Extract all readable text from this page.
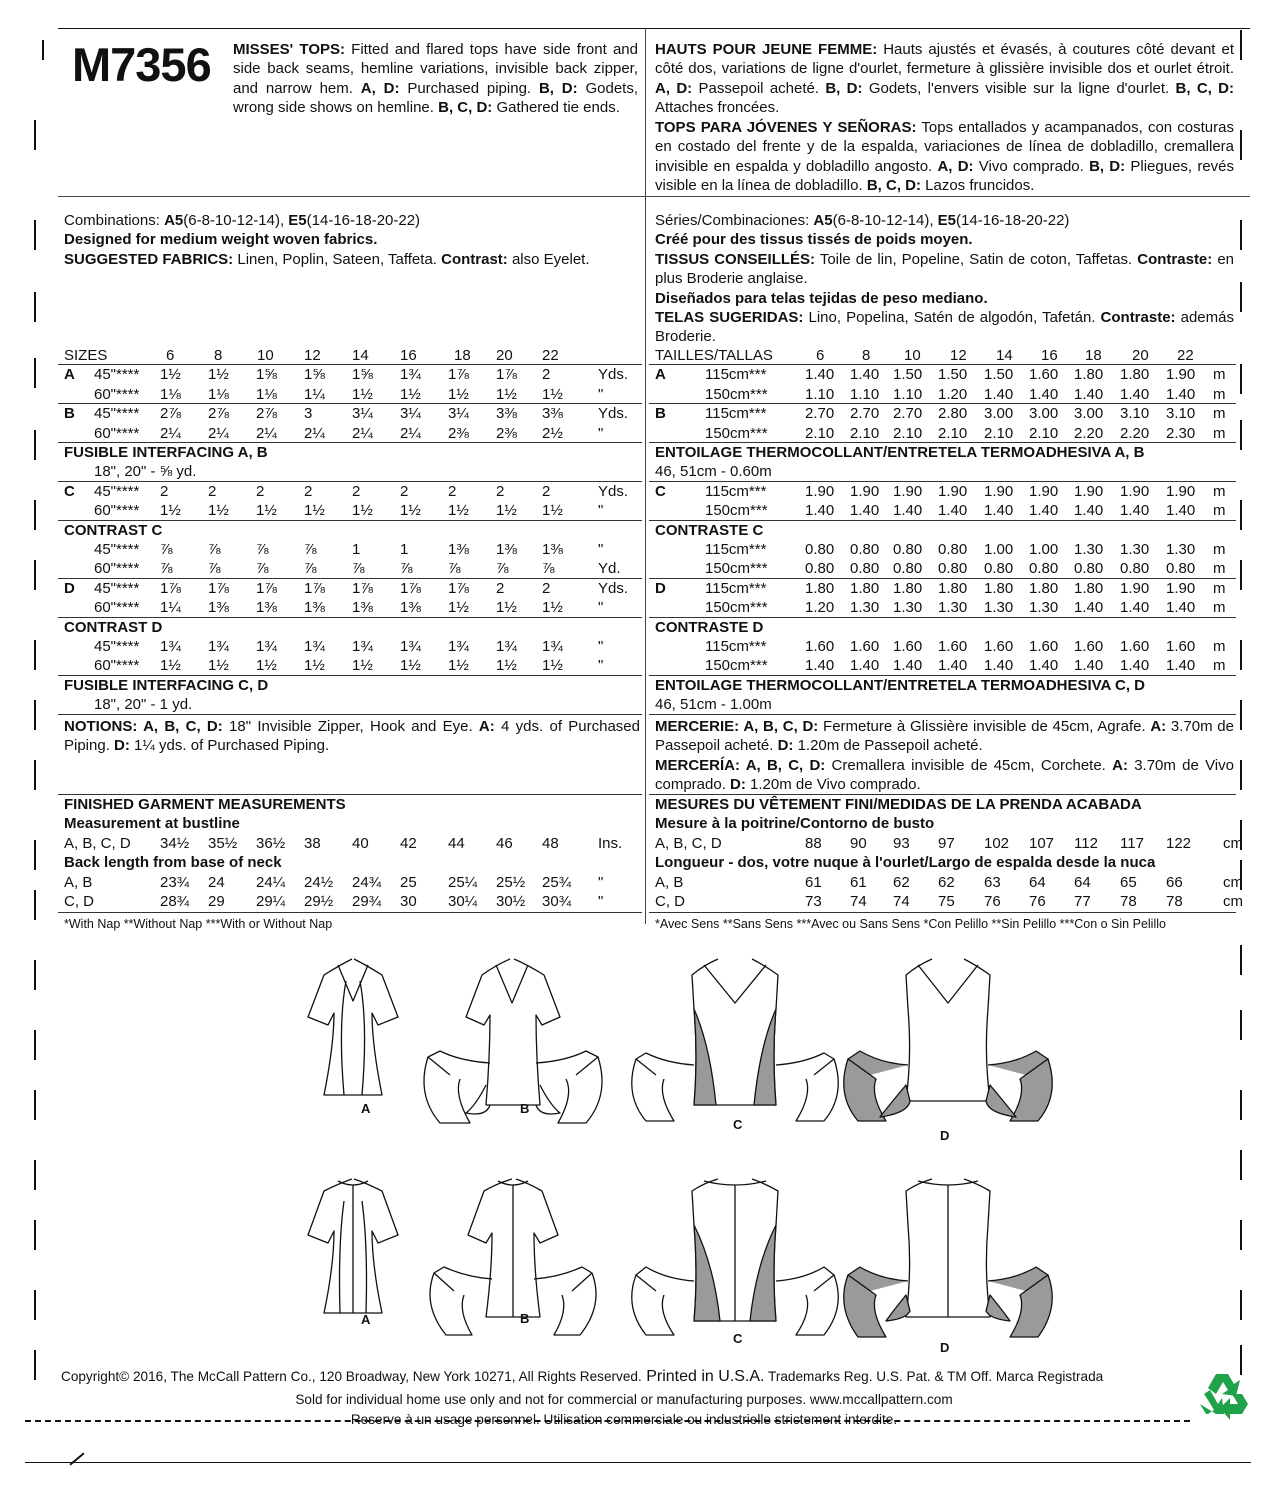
M7356 MISSES' TOPS: Fitted and flared tops have side front and side back seams, hemline variations, invisible back zipper, and narrow hem. A, D: Purchased piping. B, D: Godets, wrong side shows on hemline. B, C, D: Gathered tie ends.
HAUTS POUR JEUNE FEMME: Hauts ajustés et évasés, à coutures côté devant et côté dos, variations de ligne d'ourlet, fermeture à glissière invisible dos et ourlet étroit. A, D: Passepoil acheté. B, D: Godets, l'envers visible sur la ligne d'ourlet. B, C, D: Attaches froncées.
TOPS PARA JÓVENES Y SEÑORAS: Tops entallados y acampanados, con costuras en costado del frente y de la espalda, variaciones de línea de dobladillo, cremallera invisible en espalda y dobladillo angosto. A, D: Vivo comprado. B, D: Pliegues, revés visible en la línea de dobladillo. B, C, D: Lazos fruncidos.
Combinations: A5(6-8-10-12-14), E5(14-16-18-20-22)
Designed for medium weight woven fabrics.
SUGGESTED FABRICS: Linen, Poplin, Sateen, Taffeta. Contrast: also Eyelet.
Séries/Combinaciones: A5(6-8-10-12-14), E5(14-16-18-20-22)
Créé pour des tissus tissés de poids moyen.
TISSUS CONSEILLÉS: Toile de lin, Popeline, Satin de coton, Taffetas. Contraste: en plus Broderie anglaise.
Diseñados para telas tejidas de peso mediano.
TELAS SUGERIDAS: Lino, Popelina, Satén de algodón, Tafetán. Contraste: además Broderie.
SIZES	6	8 10 12 14 16 18 20 22
A 45"**** 1½ 1½ 1⅝ 1⅝ 1⅝ 1¾ 1⅞ 1⅞ 2	Yds.
60"**** 1⅛ 1⅛ 1⅛ 1¼ 1½ 1½ 1½ 1½ 1½ "
B 45"**** 2⅞ 2⅞ 2⅞ 3	3¼ 3¼ 3¼ 3⅜ 3⅜ Yds.
60"**** 2¼ 2¼ 2¼ 2¼ 2¼ 2¼ 2⅜ 2⅜ 2½ "
FUSIBLE INTERFACING A, B
18", 20" - ⅝ yd.
C 45"**** 2	2	2	2	2	2	2	2	2	Yds.
60"**** 1½ 1½ 1½ 1½ 1½ 1½ 1½ 1½ 1½ "
CONTRAST C
45"**** ⅞ ⅞ ⅞ ⅞ 1	1	1⅜ 1⅜ 1⅜ "
60"**** ⅞ ⅞ ⅞ ⅞ ⅞ ⅞ ⅞ ⅞ ⅞	Yd.
D 45"**** 1⅞ 1⅞ 1⅞ 1⅞ 1⅞ 1⅞ 1⅞ 2	2	Yds.
60"**** 1¼ 1⅜ 1⅜ 1⅜ 1⅜ 1⅜ 1½ 1½ 1½ "
CONTRAST D
45"**** 1¾ 1¾ 1¾ 1¾ 1¾ 1¾ 1¾ 1¾ 1¾ "
60"**** 1½ 1½ 1½ 1½ 1½ 1½ 1½ 1½ 1½ "
FUSIBLE INTERFACING C, D
18", 20" - 1 yd.
TAILLES/TALLAS	6	8 10 12 14 16 18 20 22
A	115cm***	1.40 1.40 1.50 1.50 1.50 1.60 1.80 1.80 1.90 m
150cm*** 1.10 1.10 1.10 1.20 1.40 1.40 1.40 1.40 1.40 m
B	115cm***	2.70 2.70 2.70 2.80 3.00 3.00 3.00 3.10 3.10 m
150cm*** 2.10 2.10 2.10 2.10 2.10 2.10 2.20 2.20 2.30 m
ENTOILAGE THERMOCOLLANT/ENTRETELA TERMOADHESIVA A, B
46, 51cm - 0.60m
C	115cm***	1.90 1.90 1.90 1.90 1.90 1.90 1.90 1.90 1.90 m
150cm*** 1.40 1.40 1.40 1.40 1.40 1.40 1.40 1.40 1.40 m
CONTRASTE C
115cm***	0.80 0.80 0.80 0.80 1.00 1.00 1.30 1.30 1.30 m
150cm*** 0.80 0.80 0.80 0.80 0.80 0.80 0.80 0.80 0.80 m
D	115cm***	1.80 1.80 1.80 1.80 1.80 1.80 1.80 1.90 1.90 m
150cm*** 1.20 1.30 1.30 1.30 1.30 1.30 1.40 1.40 1.40 m
CONTRASTE D
115cm***	1.60 1.60 1.60 1.60 1.60 1.60 1.60 1.60 1.60 m
150cm*** 1.40 1.40 1.40 1.40 1.40 1.40 1.40 1.40 1.40 m
ENTOILAGE THERMOCOLLANT/ENTRETELA TERMOADHESIVA C, D
46, 51cm - 1.00m
NOTIONS: A, B, C, D: 18" Invisible Zipper, Hook and Eye. A: 4 yds. of Purchased Piping. D: 1¼ yds. of Purchased Piping.
MERCERIE: A, B, C, D: Fermeture à Glissière invisible de 45cm, Agrafe. A: 3.70m de Passepoil acheté. D: 1.20m de Passepoil acheté.
MERCERÍA: A, B, C, D: Cremallera invisible de 45cm, Corchete. A: 3.70m de Vivo comprado. D: 1.20m de Vivo comprado.
FINISHED GARMENT MEASUREMENTS
Measurement at bustline
A, B, C, D 34½ 35½ 36½ 38 40 42 44 46 48	Ins.
Back length from base of neck
A, B	23¾ 24 24¼ 24½ 24¾ 25 25¼ 25½ 25¾ "
C, D	28¾ 29 29¼ 29½ 29¾ 30 30¼ 30½ 30¾ "
*With Nap **Without Nap ***With or Without Nap
MESURES DU VÊTEMENT FINI/MEDIDAS DE LA PRENDA ACABADA
Mesure à la poitrine/Contorno de busto
A, B, C, D	88 90 93 97 102 107 112 117 122 cm
Longueur - dos, votre nuque à l'ourlet/Largo de espalda desde la nuca
A, B	61 61 62 62 63 64 64 65 66	cm
C, D	73 74 74 75 76 76 77 78 78	cm
*Avec Sens **Sans Sens ***Avec ou Sans Sens *Con Pelillo **Sin Pelillo ***Con o Sin Pelillo
A	B
C
D
A	B
C
D
Copyright© 2016, The McCall Pattern Co., 120 Broadway, New York 10271, All Rights Reserved. Printed in U.S.A. Trademarks Reg. U.S. Pat. & TM Off. Marca Registrada
Sold for individual home use only and not for commercial or manufacturing purposes. www.mccallpattern.com
Reserve à un usage personnel. Utilisation commerciale ou industrielle strictement interdite.
